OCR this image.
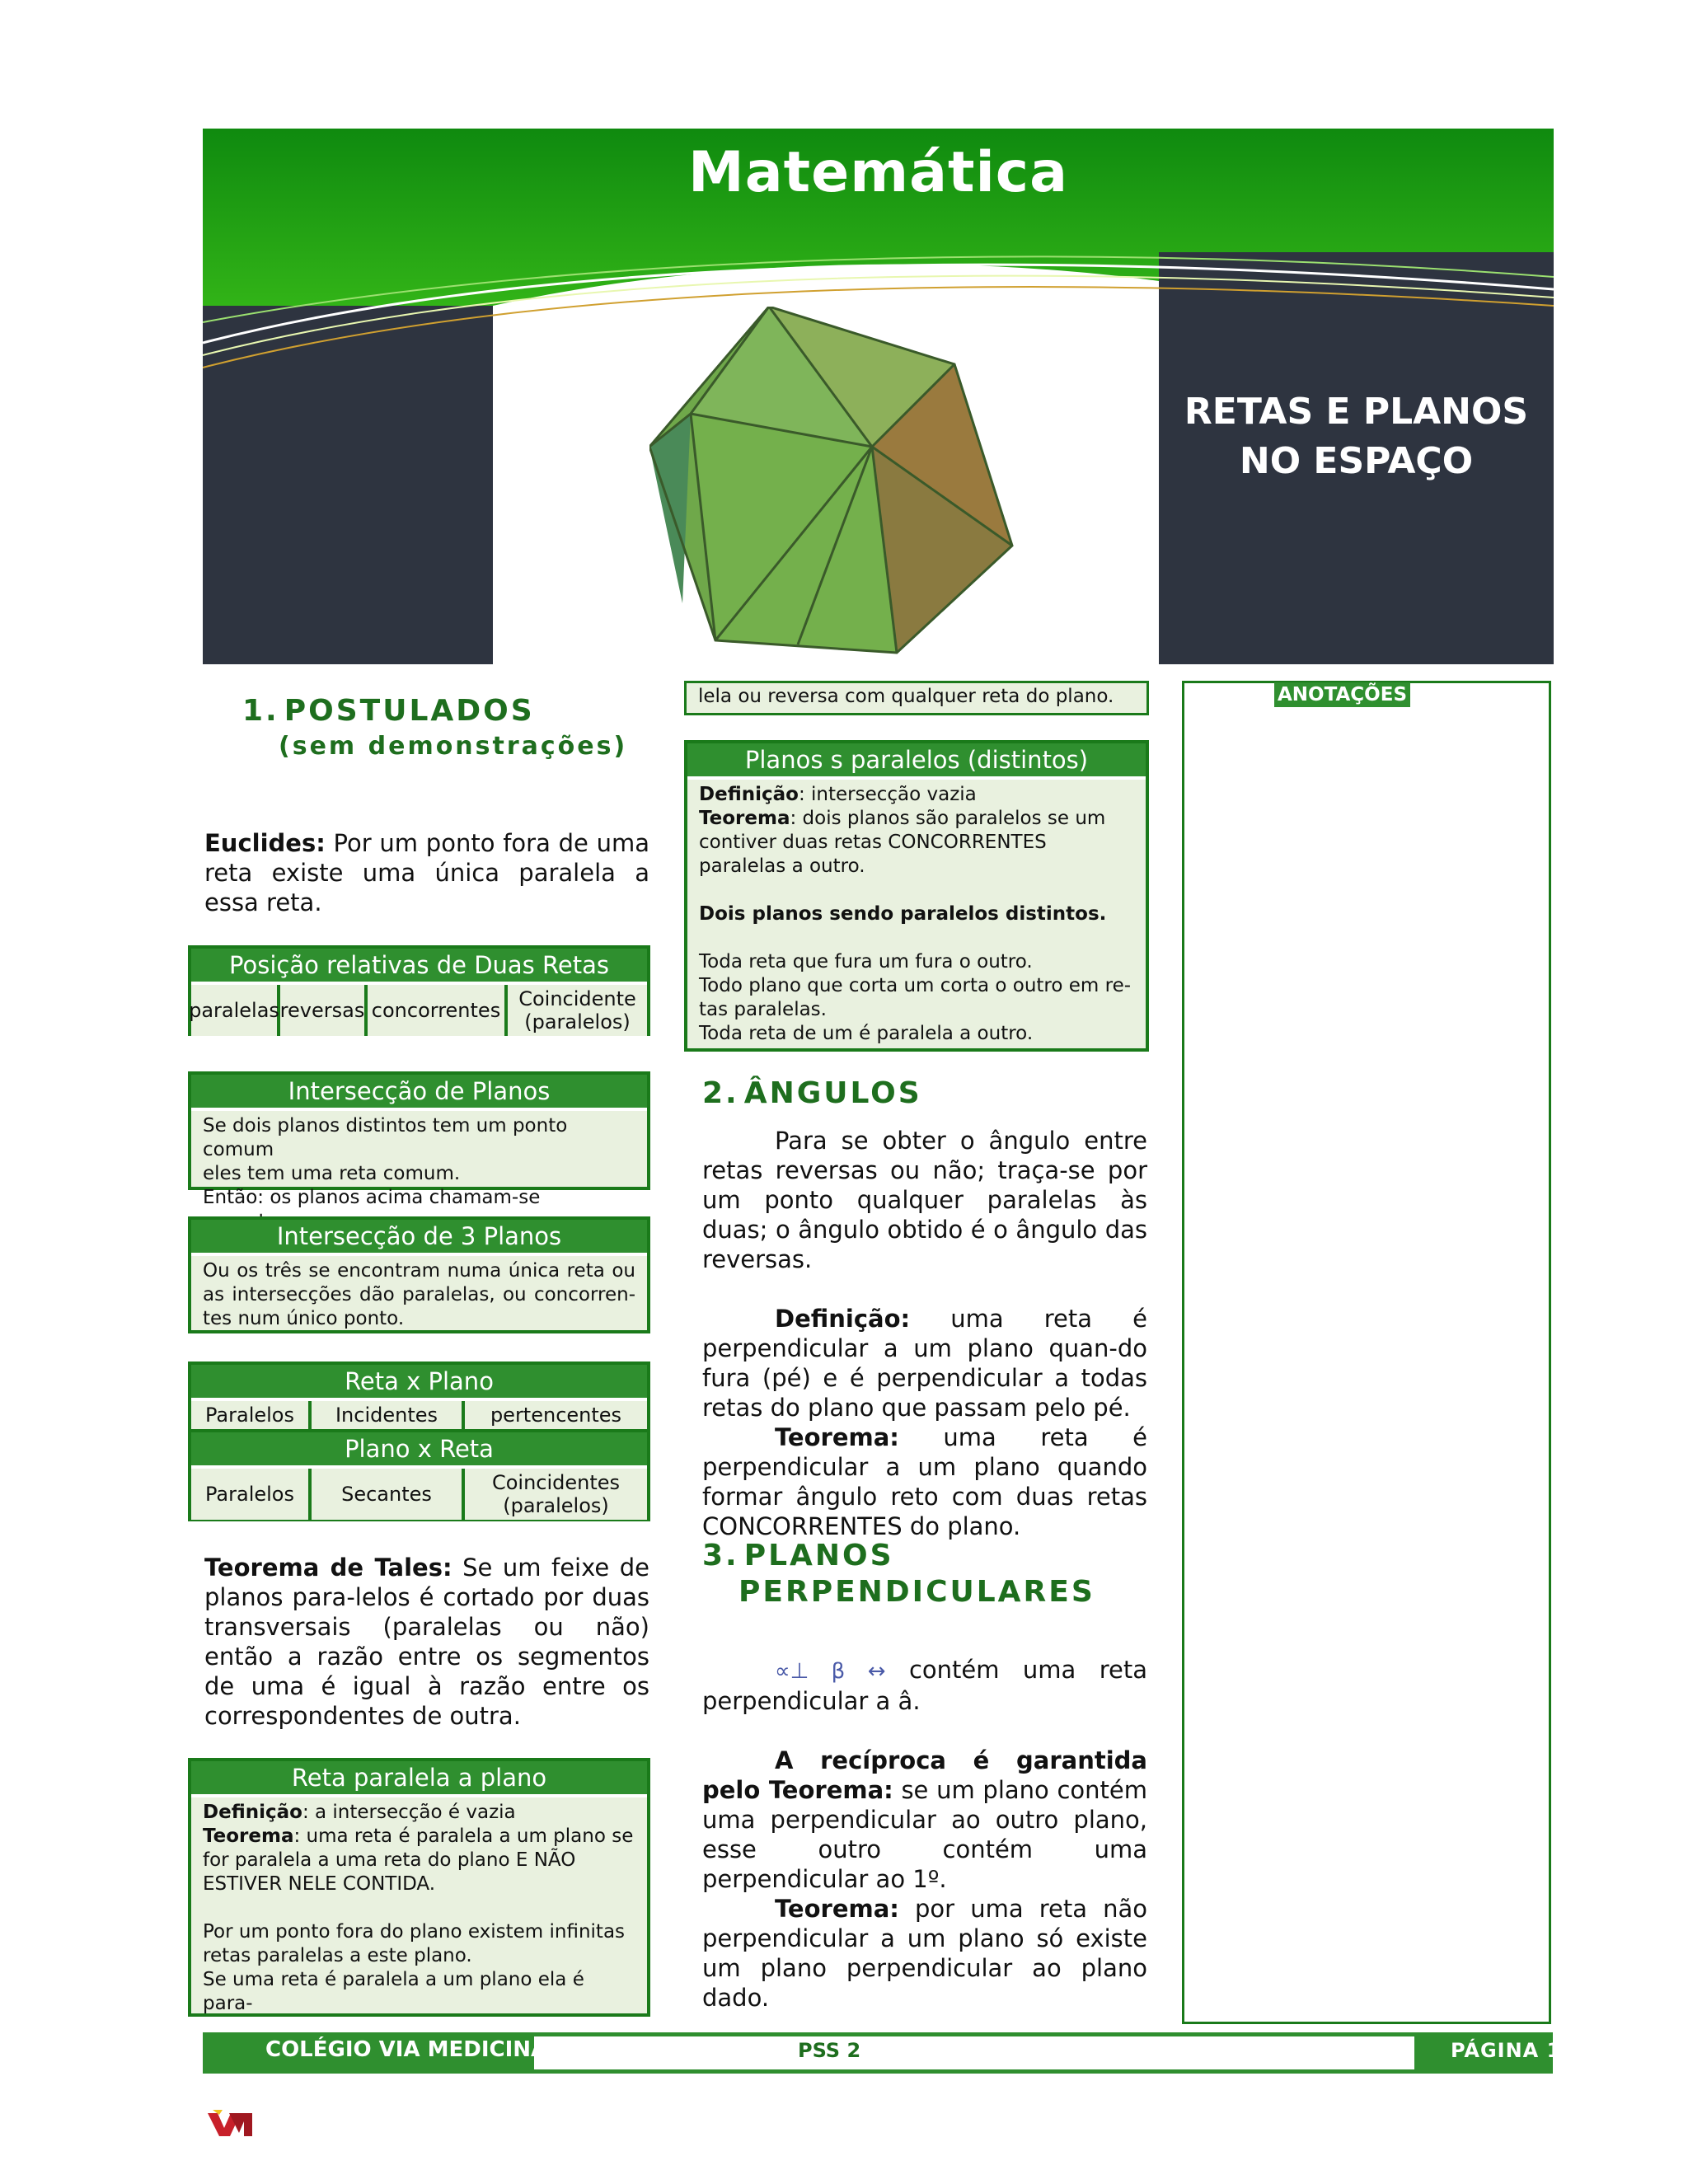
Matemática
RETAS E PLANOS
NO ESPAÇO
1. POSTULADOS
(sem demonstrações)
Euclides: Por um ponto fora de uma reta existe uma única paralela a essa reta.
Posição relativas de Duas Retas
paralelas reversas concorrentes Coincidente
(paralelos)
Intersecção de Planos
Se dois planos distintos tem um ponto comum
eles tem uma reta comum.
Então: os planos acima chamam-se
Intersecção de 3 Planos
Ou os três se encontram numa única reta ou as intersecções dão paralelas, ou concorren-tes num único ponto.
Reta x Plano
Paralelos	Incidentes	pertencentes
Plano x Reta
Paralelos	Secantes	Coincidentes
(paralelos)
Teorema de Tales: Se um feixe de planos para-lelos é cortado por duas transversais (paralelas ou não) então a razão entre os segmentos de uma é igual à razão entre os correspondentes de outra.
Reta paralela a plano
Definição: a intersecção é vazia
Teorema: uma reta é paralela a um plano se for paralela a uma reta do plano E NÃO ESTIVER NELE CONTIDA.
Por um ponto fora do plano existem infinitas retas paralelas a este plano.
Se uma reta é paralela a um plano ela é para-
lela ou reversa com qualquer reta do plano.
Planos s paralelos (distintos)
Definição: intersecção vazia
Teorema: dois planos são paralelos se um contiver duas retas CONCORRENTES paralelas a outro.
Dois planos sendo paralelos distintos.
Toda reta que fura um fura o outro.
Todo plano que corta um corta o outro em re-tas paralelas.
Toda reta de um é paralela a outro.
2. ÂNGULOS
Para se obter o ângulo entre retas reversas ou não; traça-se por um ponto qualquer paralelas às duas; o ângulo obtido é o ângulo das reversas.
Definição: uma reta é perpendicular a um plano quan-do fura (pé) e é perpendicular a todas retas do plano que passam pelo pé.
Teorema: uma reta é perpendicular a um plano quando formar ângulo reto com duas retas CONCORRENTES do plano.
3. PLANOS
PERPENDICULARES
∝⊥ β ↔ contém uma reta perpendicular a â.
A recíproca é garantida pelo Teorema: se um plano contém uma perpendicular ao outro plano, esse outro contém uma perpendicular ao 1º.
Teorema: por uma reta não perpendicular a um plano só existe um plano perpendicular ao plano dado.
ANOTAÇÕES
COLÉGIO VIA MEDICINA	PSS 2	PÁGINA 1
